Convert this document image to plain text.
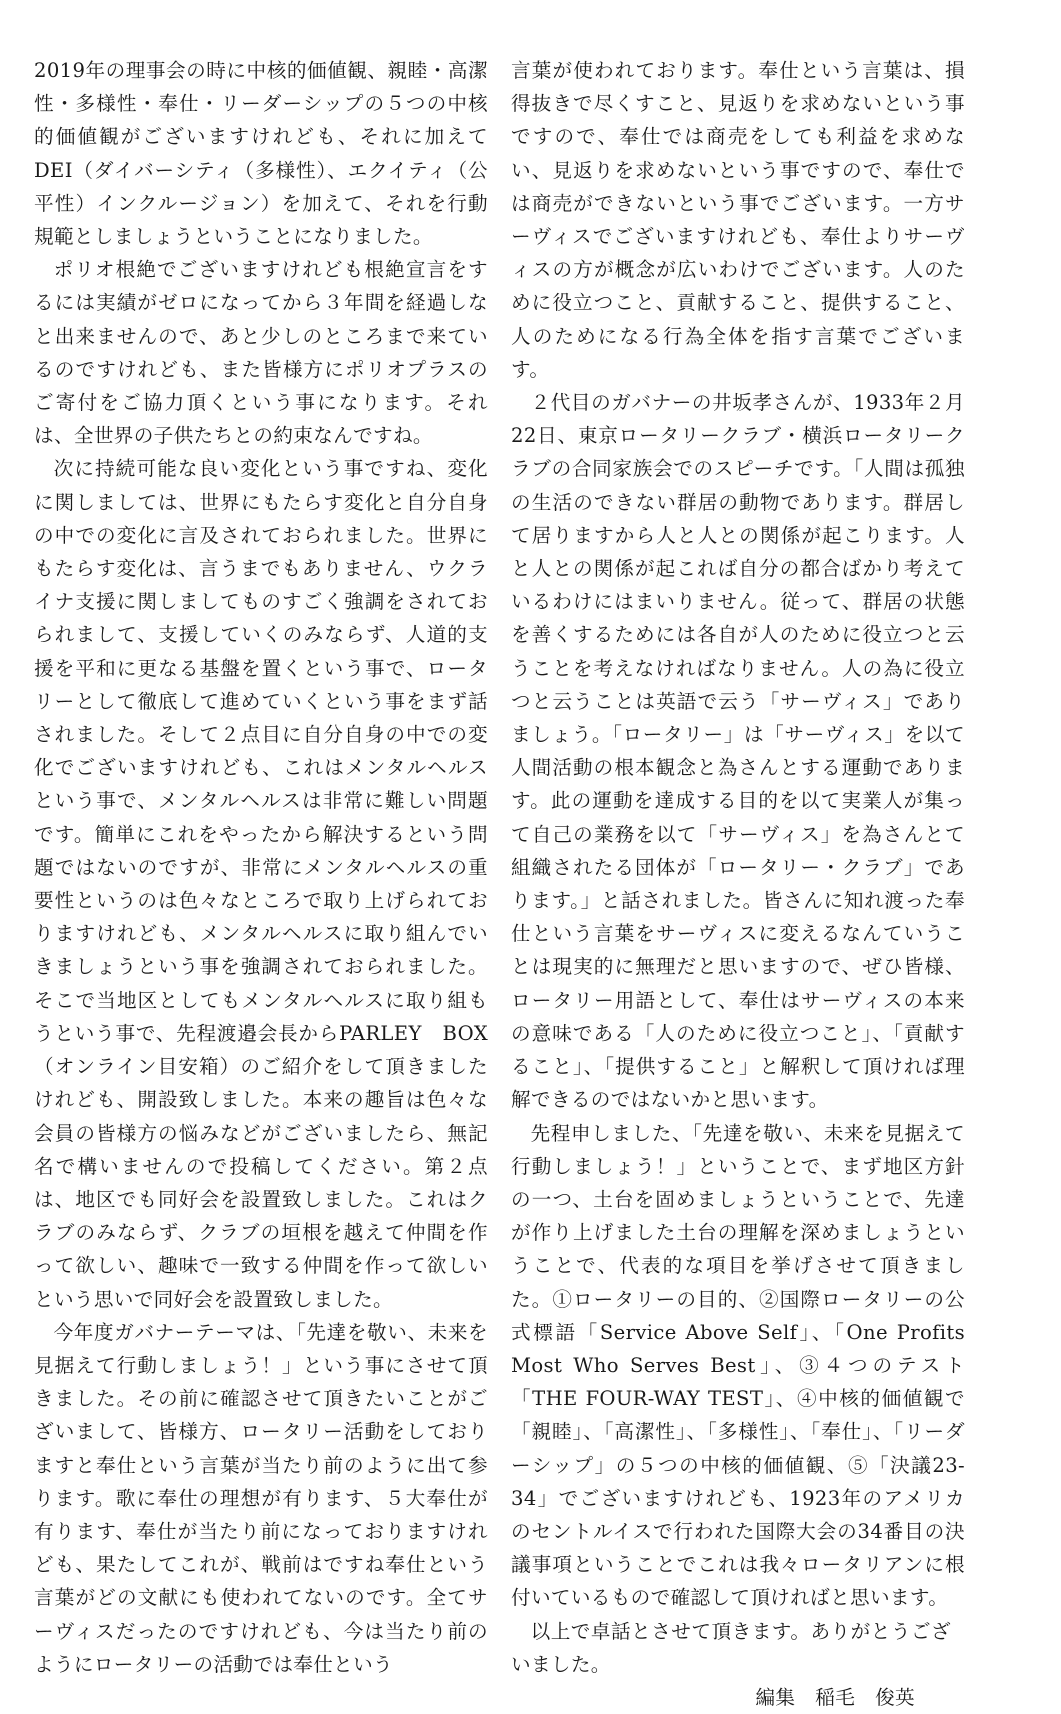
2019年の理事会の時に中核的価値観、親睦・高潔性・多様性・奉仕・リーダーシップの５つの中核的価値観がございますけれども、それに加えてDEI（ダイバーシティ（多様性）、エクイティ（公平性）インクルージョン）を加えて、それを行動規範としましょうということになりました。

ポリオ根絶でございますけれども根絶宣言をするには実績がゼロになってから３年間を経過しなと出来ませんので、あと少しのところまで来ているのですけれども、また皆様方にポリオプラスのご寄付をご協力頂くという事になります。それは、全世界の子供たちとの約束なんですね。

次に持続可能な良い変化という事ですね、変化に関しましては、世界にもたらす変化と自分自身の中での変化に言及されておられました。世界にもたらす変化は、言うまでもありません、ウクライナ支援に関しましてものすごく強調をされておられまして、支援していくのみならず、人道的支援を平和に更なる基盤を置くという事で、ロータリーとして徹底して進めていくという事をまず話されました。そして２点目に自分自身の中での変化でございますけれども、これはメンタルヘルスという事で、メンタルヘルスは非常に難しい問題です。簡単にこれをやったから解決するという問題ではないのですが、非常にメンタルヘルスの重要性というのは色々なところで取り上げられておりますけれども、メンタルヘルスに取り組んでいきましょうという事を強調されておられました。そこで当地区としてもメンタルヘルスに取り組もうという事で、先程渡邉会長からPARLEY　BOX（オンライン目安箱）のご紹介をして頂きましたけれども、開設致しました。本来の趣旨は色々な会員の皆様方の悩みなどがございましたら、無記名で構いませんので投稿してください。第２点は、地区でも同好会を設置致しました。これはクラブのみならず、クラブの垣根を越えて仲間を作って欲しい、趣味で一致する仲間を作って欲しいという思いで同好会を設置致しました。

今年度ガバナーテーマは、「先達を敬い、未来を見据えて行動しましょう！」という事にさせて頂きました。その前に確認させて頂きたいことがございまして、皆様方、ロータリー活動をしておりますと奉仕という言葉が当たり前のように出て参ります。歌に奉仕の理想が有ります、５大奉仕が有ります、奉仕が当たり前になっておりますけれども、果たしてこれが、戦前はですね奉仕という言葉がどの文献にも使われてないのです。全てサーヴィスだったのですけれども、今は当たり前のようにロータリーの活動では奉仕という

言葉が使われております。奉仕という言葉は、損得抜きで尽くすこと、見返りを求めないという事ですので、奉仕では商売をしても利益を求めない、見返りを求めないという事ですので、奉仕では商売ができないという事でございます。一方サーヴィスでございますけれども、奉仕よりサーヴィスの方が概念が広いわけでございます。人のために役立つこと、貢献すること、提供すること、人のためになる行為全体を指す言葉でございます。

２代目のガバナーの井坂孝さんが、1933年２月22日、東京ロータリークラブ・横浜ロータリークラブの合同家族会でのスピーチです。「人間は孤独の生活のできない群居の動物であります。群居して居りますから人と人との関係が起こります。人と人との関係が起これば自分の都合ばかり考えているわけにはまいりません。従って、群居の状態を善くするためには各自が人のために役立つと云うことを考えなければなりません。人の為に役立つと云うことは英語で云う「サーヴィス」でありましょう。「ロータリー」は「サーヴィス」を以て人間活動の根本観念と為さんとする運動であります。此の運動を達成する目的を以て実業人が集って自己の業務を以て「サーヴィス」を為さんとて組織されたる団体が「ロータリー・クラブ」であります。」と話されました。皆さんに知れ渡った奉仕という言葉をサーヴィスに変えるなんていうことは現実的に無理だと思いますので、ぜひ皆様、ロータリー用語として、奉仕はサーヴィスの本来の意味である「人のために役立つこと」、「貢献すること」、「提供すること」と解釈して頂ければ理解できるのではないかと思います。

先程申しました、「先達を敬い、未来を見据えて行動しましょう！」ということで、まず地区方針の一つ、土台を固めましょうということで、先達が作り上げました土台の理解を深めましょうということで、代表的な項目を挙げさせて頂きました。①ロータリーの目的、②国際ロータリーの公式標語「Service Above Self」、「One Profits Most Who Serves Best」、③４つのテスト「THE FOUR-WAY TEST」、④中核的価値観で「親睦」、「高潔性」、「多様性」、「奉仕」、「リーダーシップ」の５つの中核的価値観、⑤「決議23-34」でございますけれども、1923年のアメリカのセントルイスで行われた国際大会の34番目の決議事項ということでこれは我々ロータリアンに根付いているもので確認して頂ければと思います。

以上で卓話とさせて頂きます。ありがとうございました。

編集　稲毛　俊英
